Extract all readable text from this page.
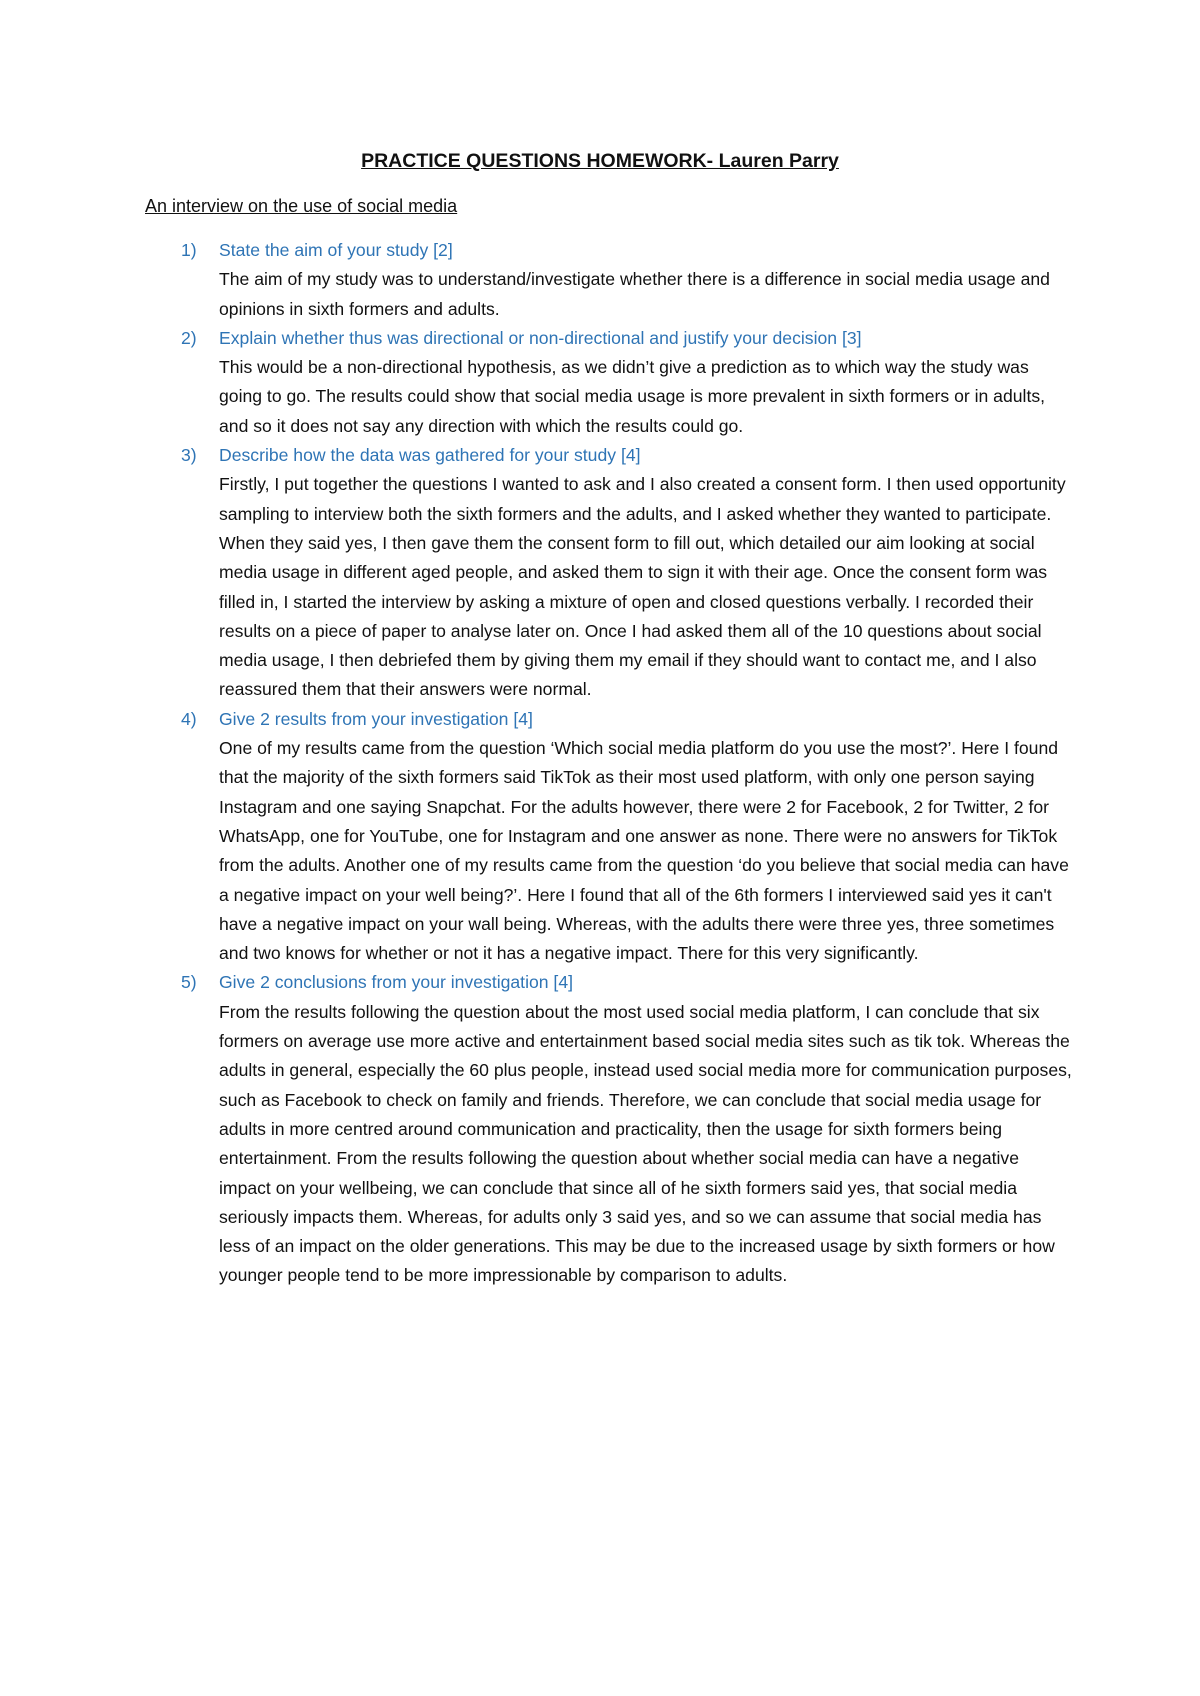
PRACTICE QUESTIONS HOMEWORK- Lauren Parry

An interview on the use of social media

1) State the aim of your study [2]

The aim of my study was to understand/investigate whether there is a difference in social media usage and opinions in sixth formers and adults.

2) Explain whether thus was directional or non-directional and justify your decision [3]

This would be a non-directional hypothesis, as we didn’t give a prediction as to which way the study was going to go. The results could show that social media usage is more prevalent in sixth formers or in adults, and so it does not say any direction with which the results could go.

3) Describe how the data was gathered for your study [4]

Firstly, I put together the questions I wanted to ask and I also created a consent form. I then used opportunity sampling to interview both the sixth formers and the adults, and I asked whether they wanted to participate. When they said yes, I then gave them the consent form to fill out, which detailed our aim looking at social media usage in different aged people, and asked them to sign it with their age. Once the consent form was filled in, I started the interview by asking a mixture of open and closed questions verbally. I recorded their results on a piece of paper to analyse later on. Once I had asked them all of the 10 questions about social media usage, I then debriefed them by giving them my email if they should want to contact me, and I also reassured them that their answers were normal.

4) Give 2 results from your investigation [4]

One of my results came from the question ‘Which social media platform do you use the most?’. Here I found that the majority of the sixth formers said TikTok as their most used platform, with only one person saying Instagram and one saying Snapchat. For the adults however, there were 2 for Facebook, 2 for Twitter, 2 for WhatsApp, one for YouTube, one for Instagram and one answer as none. There were no answers for TikTok from the adults. Another one of my results came from the question ‘do you believe that social media can have a negative impact on your well being?’. Here I found that all of the 6th formers I interviewed said yes it can't have a negative impact on your wall being. Whereas, with the adults there were three yes, three sometimes and two knows for whether or not it has a negative impact. There for this very significantly.

5) Give 2 conclusions from your investigation [4]

From the results following the question about the most used social media platform, I can conclude that six formers on average use more active and entertainment based social media sites such as tik tok. Whereas the adults in general, especially the 60 plus people, instead used social media more for communication purposes, such as Facebook to check on family and friends. Therefore, we can conclude that social media usage for adults in more centred around communication and practicality, then the usage for sixth formers being entertainment. From the results following the question about whether social media can have a negative impact on your wellbeing, we can conclude that since all of he sixth formers said yes, that social media seriously impacts them. Whereas, for adults only 3 said yes, and so we can assume that social media has less of an impact on the older generations. This may be due to the increased usage by sixth formers or how younger people tend to be more impressionable by comparison to adults.
